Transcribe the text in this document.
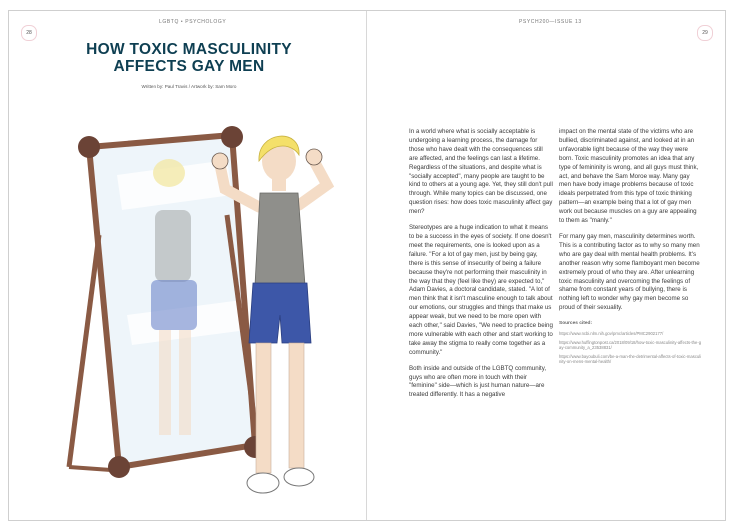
LGBTQ • PSYCHOLOGY
28
HOW TOXIC MASCULINITY
AFFECTS GAY MEN
Written by: Paul Travis / Artwork by: Sam Moro
PSYCH200—ISSUE 13
29

In a world where what is socially acceptable is undergoing a learning process, the damage for those who have dealt with the consequences still are affected, and the feelings can last a lifetime. Regardless of the situations, and despite what is "socially accepted", many people are taught to be kind to others at a young age. Yet, they still don't pull through. While many topics can be discussed, one question rises: how does toxic masculinity affect gay men?

Stereotypes are a huge indication to what it means to be a success in the eyes of society. If one doesn't meet the requirements, one is looked upon as a failure. "For a lot of gay men, just by being gay, there is this sense of insecurity of being a failure because they're not performing their masculinity in the way that they (feel like they) are expected to," Adam Davies, a doctoral candidate, stated. "A lot of men think that it isn't masculine enough to talk about our emotions, our struggles and things that make us appear weak, but we need to be more open with each other," said Davies, "We need to practice being more vulnerable with each other and start working to take away the stigma to really come together as a community."

Both inside and outside of the LGBTQ community, guys who are often more in touch with their "feminine" side—which is just human nature—are treated differently. It has a negative

impact on the mental state of the victims who are bullied, discriminated against, and looked at in an unfavorable light because of the way they were born. Toxic masculinity promotes an idea that any type of femininity is wrong, and all guys must think, act, and behave the Sam Moroe way. Many gay men have body image problems because of toxic ideals perpetrated from this type of toxic thinking pattern—an example being that a lot of gay men work out because muscles on a guy are appealing to them as "manly."

For many gay men, masculinity determines worth. This is a contributing factor as to why so many men who are gay deal with mental health problems. It's another reason why some flamboyant men become extremely proud of who they are. After unlearning toxic masculinity and overcoming the feelings of shame from constant years of bullying, there is nothing left to wonder why gay men become so proud of their sexuality.

Sources cited:
https://www.ncbi.nlm.nih.gov/pmc/articles/PMC2902177/
https://www.huffingtonpost.ca/2018/09/18/how-toxic-masculinity-affects-the-gay-community_a_23538831/
https://www.bayoubuli.com/be-a-man-the-detrimental-affects-of-toxic-masculinity-on-mens-mental-health/
